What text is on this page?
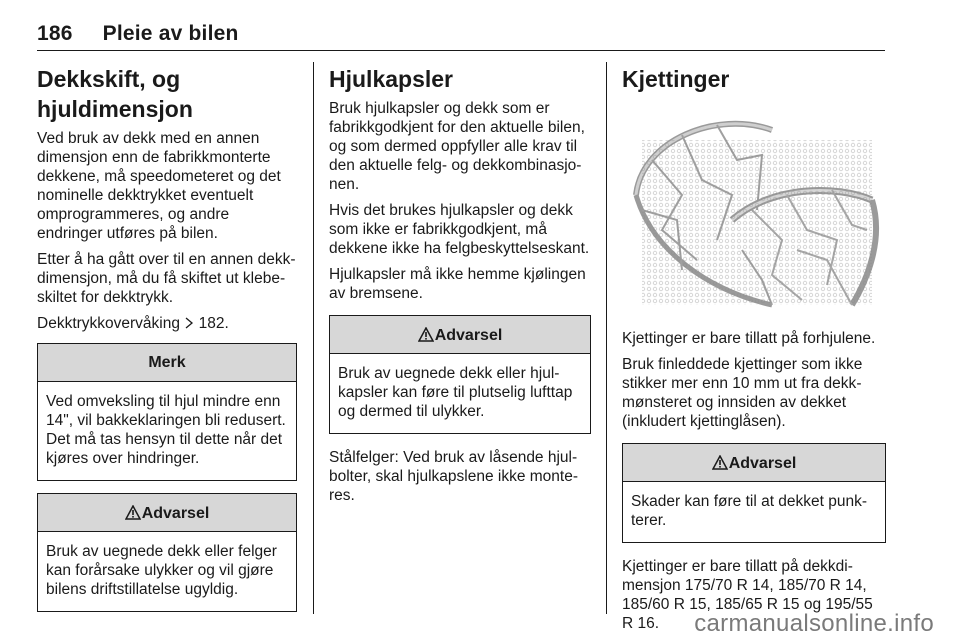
186 Pleie av bilen
Dekkskift, og hjuldimensjon

Ved bruk av dekk med en annen dimensjon enn de fabrikkmonterte dekkene, må speedometeret og det nominelle dekktrykket eventuelt omprogrammeres, og andre endringer utføres på bilen.

Etter å ha gått over til en annen dekkdimensjon, må du få skiftet ut klebeskiltet for dekktrykk.

Dekktrykkovervåking 182.

Merk
Ved omveksling til hjul mindre enn 14", vil bakkeklaringen bli redusert. Det må tas hensyn til dette når det kjøres over hindringer.
Advarsel
Bruk av uegnede dekk eller felger kan forårsake ulykker og vil gjøre bilens driftstillatelse ugyldig.
Hjulkapsler

Bruk hjulkapsler og dekk som er fabrikkgodkjent for den aktuelle bilen, og som dermed oppfyller alle krav til den aktuelle felg- og dekkombinasjonen.

Hvis det brukes hjulkapsler og dekk som ikke er fabrikkgodkjent, må dekkene ikke ha felgbeskyttelseskant.

Hjulkapsler må ikke hemme kjølingen av bremsene.

Advarsel
Bruk av uegnede dekk eller hjulkapsler kan føre til plutselig lufttap og dermed til ulykker.

Stålfelger: Ved bruk av låsende hjulbolter, skal hjulkapslene ikke monteres.

Kjettinger

Kjettinger er bare tillatt på forhjulene.

Bruk finleddede kjettinger som ikke stikker mer enn 10 mm ut fra dekkmønsteret og innsiden av dekket (inkludert kjettinglåsen).

Advarsel
Skader kan føre til at dekket punkterer.

Kjettinger er bare tillatt på dekkdimensjon 175/70 R 14, 185/70 R 14, 185/60 R 15, 185/65 R 15 og 195/55 R 16.	carmanualsonline.info
